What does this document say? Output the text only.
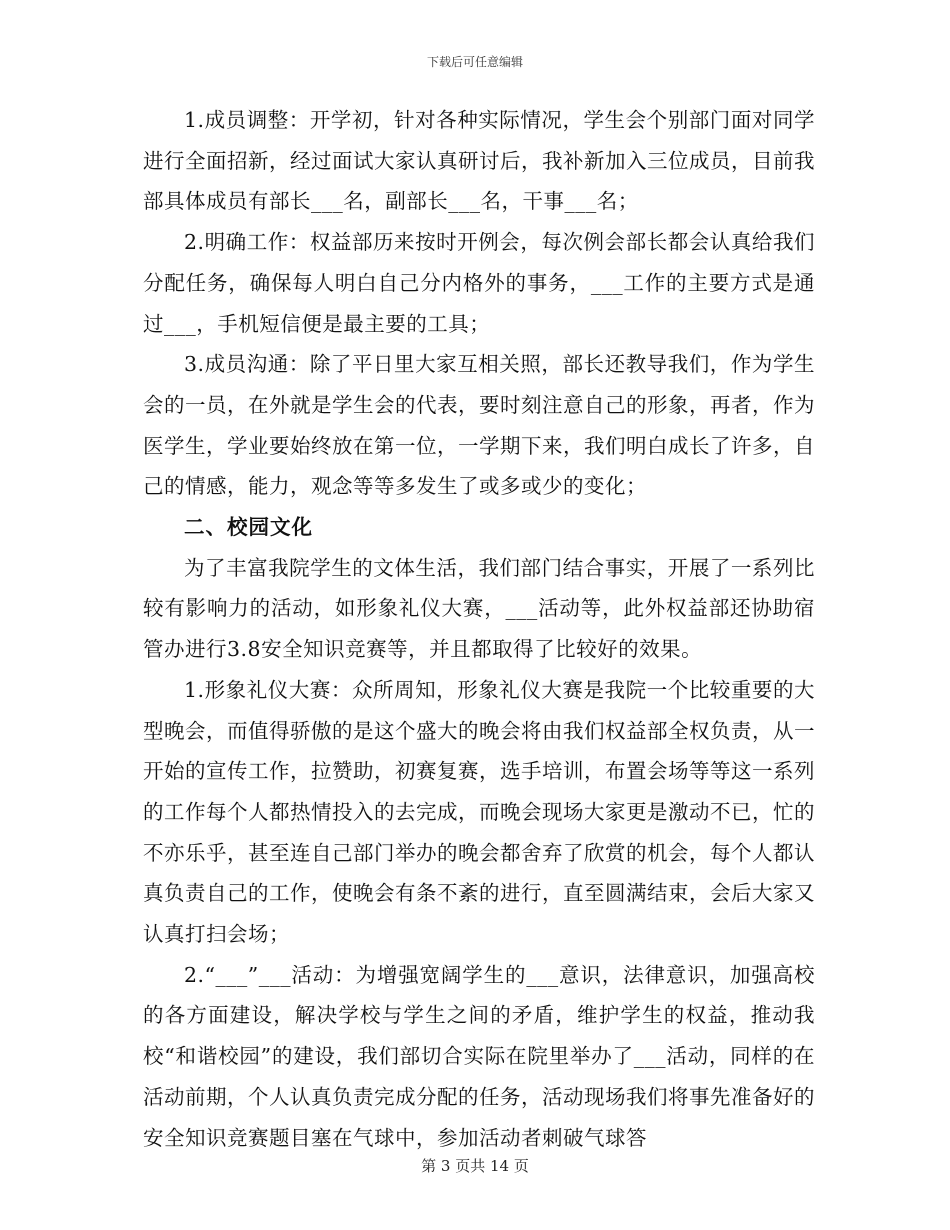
下载后可任意编辑

1.成员调整：开学初，针对各种实际情况，学生会个别部门面对同学进行全面招新，经过面试大家认真研讨后，我补新加入三位成员，目前我部具体成员有部长___名，副部长___名，干事___名；

2.明确工作：权益部历来按时开例会，每次例会部长都会认真给我们分配任务，确保每人明白自己分内格外的事务，___工作的主要方式是通过___，手机短信便是最主要的工具；

3.成员沟通：除了平日里大家互相关照，部长还教导我们，作为学生会的一员，在外就是学生会的代表，要时刻注意自己的形象，再者，作为医学生，学业要始终放在第一位，一学期下来，我们明白成长了许多，自己的情感，能力，观念等等多发生了或多或少的变化；

二、校园文化

为了丰富我院学生的文体生活，我们部门结合事实，开展了一系列比较有影响力的活动，如形象礼仪大赛，___活动等，此外权益部还协助宿管办进行3.8安全知识竞赛等，并且都取得了比较好的效果。

1.形象礼仪大赛：众所周知，形象礼仪大赛是我院一个比较重要的大型晚会，而值得骄傲的是这个盛大的晚会将由我们权益部全权负责，从一开始的宣传工作，拉赞助，初赛复赛，选手培训，布置会场等等这一系列的工作每个人都热情投入的去完成，而晚会现场大家更是激动不已，忙的不亦乐乎，甚至连自己部门举办的晚会都舍弃了欣赏的机会，每个人都认真负责自己的工作，使晚会有条不紊的进行，直至圆满结束，会后大家又认真打扫会场；

2.“___”___活动：为增强宽阔学生的___意识，法律意识，加强高校的各方面建设，解决学校与学生之间的矛盾，维护学生的权益，推动我校“和谐校园”的建设，我们部切合实际在院里举办了___活动，同样的在活动前期，个人认真负责完成分配的任务，活动现场我们将事先准备好的安全知识竞赛题目塞在气球中，参加活动者刺破气球答

第 3 页共 14 页
